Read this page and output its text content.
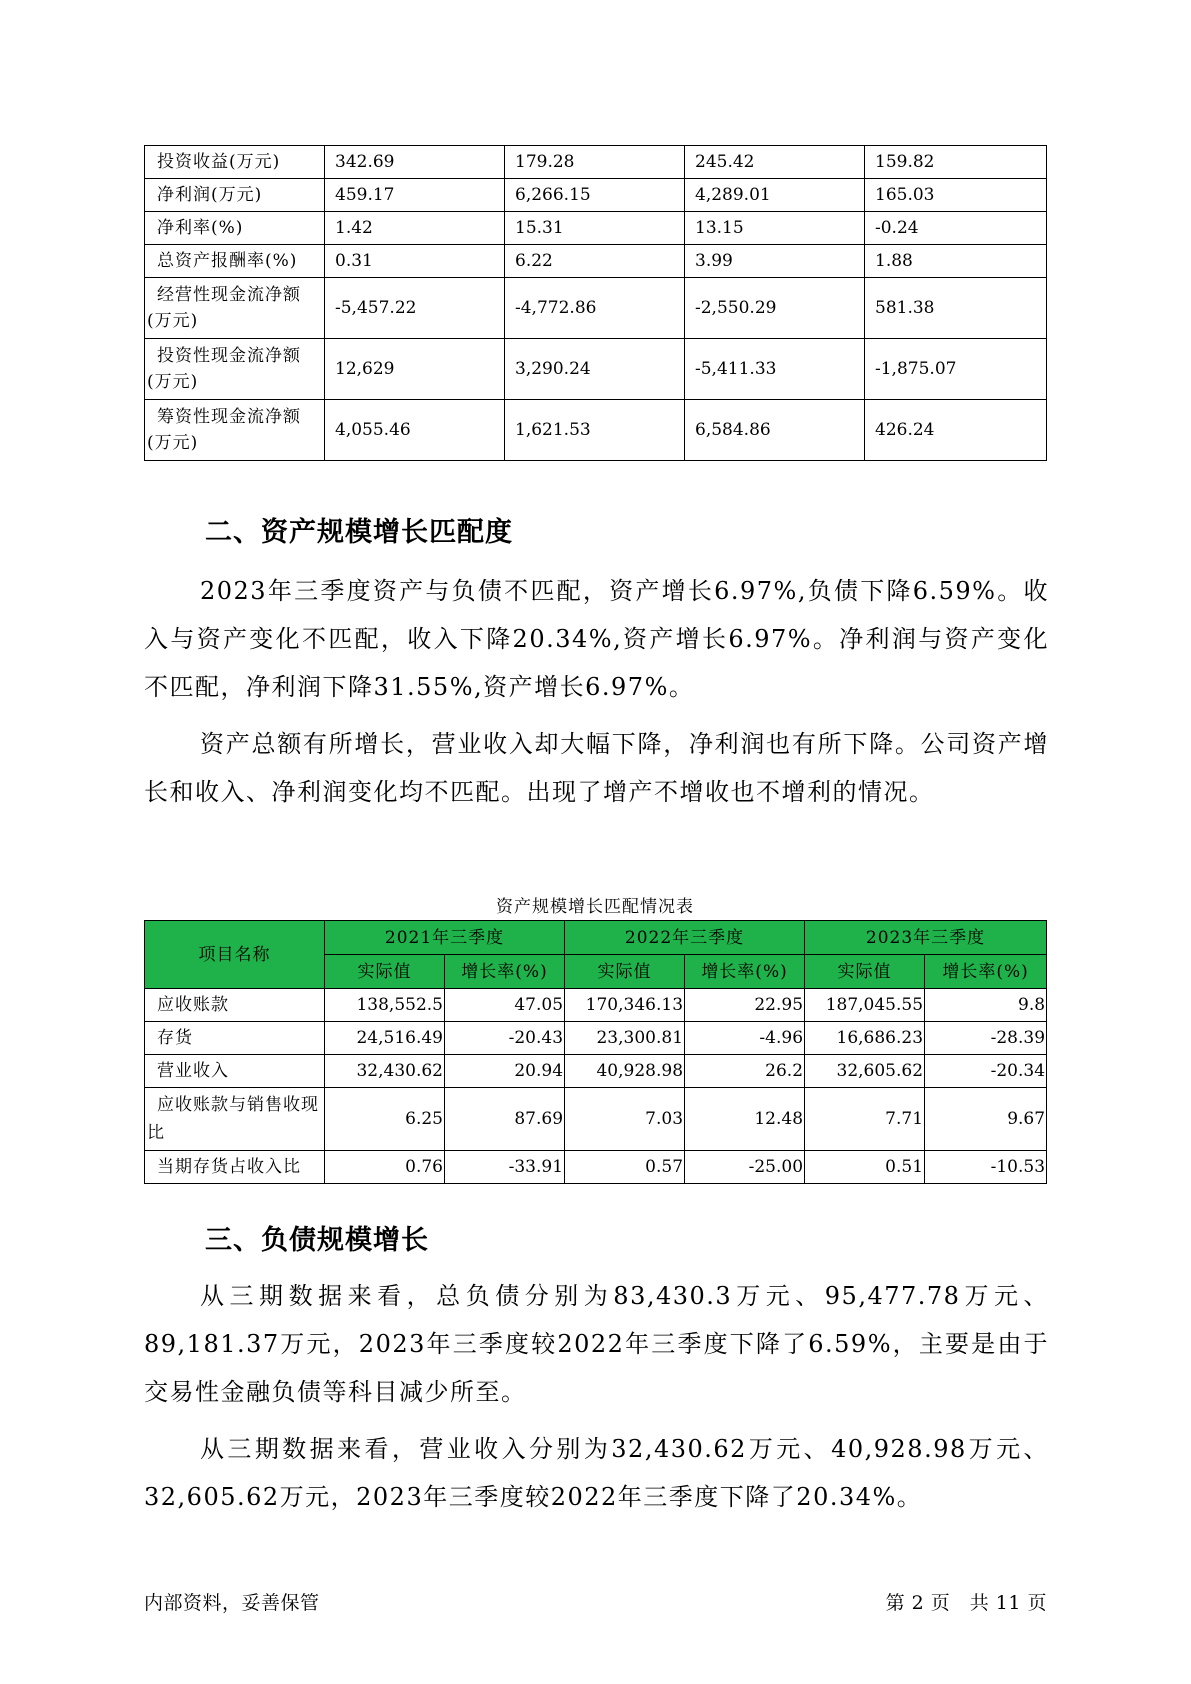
投资收益(万元)	342.69	179.28	245.42	159.82
净利润(万元)	459.17	6,266.15	4,289.01	165.03
净利率(%)	1.42	15.31	13.15	-0.24
总资产报酬率(%)	0.31	6.22	3.99	1.88
经营性现金流净额(万元)	-5,457.22	-4,772.86	-2,550.29	581.38
投资性现金流净额(万元)	12,629	3,290.24	-5,411.33	-1,875.07
筹资性现金流净额(万元)	4,055.46	1,621.53	6,584.86	426.24
二、资产规模增长匹配度

2023年三季度资产与负债不匹配，资产增长6.97%,负债下降6.59%。收入与资产变化不匹配，收入下降20.34%,资产增长6.97%。净利润与资产变化不匹配，净利润下降31.55%,资产增长6.97%。

资产总额有所增长，营业收入却大幅下降，净利润也有所下降。公司资产增长和收入、净利润变化均不匹配。出现了增产不增收也不增利的情况。

资产规模增长匹配情况表
项目名称	2021年三季度		2022年三季度		2023年三季度	
	实际值	增长率(%)	实际值	增长率(%)	实际值	增长率(%)
应收账款	138,552.5	47.05	170,346.13	22.95	187,045.55	9.8
存货	24,516.49	-20.43	23,300.81	-4.96	16,686.23	-28.39
营业收入	32,430.62	20.94	40,928.98	26.2	32,605.62	-20.34
应收账款与销售收现比	6.25	87.69	7.03	12.48	7.71	9.67
当期存货占收入比	0.76	-33.91	0.57	-25.00	0.51	-10.53
三、负债规模增长

从三期数据来看，总负债分别为83,430.3万元、95,477.78万元、89,181.37万元，2023年三季度较2022年三季度下降了6.59%，主要是由于交易性金融负债等科目减少所至。

从三期数据来看，营业收入分别为32,430.62万元、40,928.98万元、32,605.62万元，2023年三季度较2022年三季度下降了20.34%。

内部资料，妥善保管	第 2 页　共 11 页
